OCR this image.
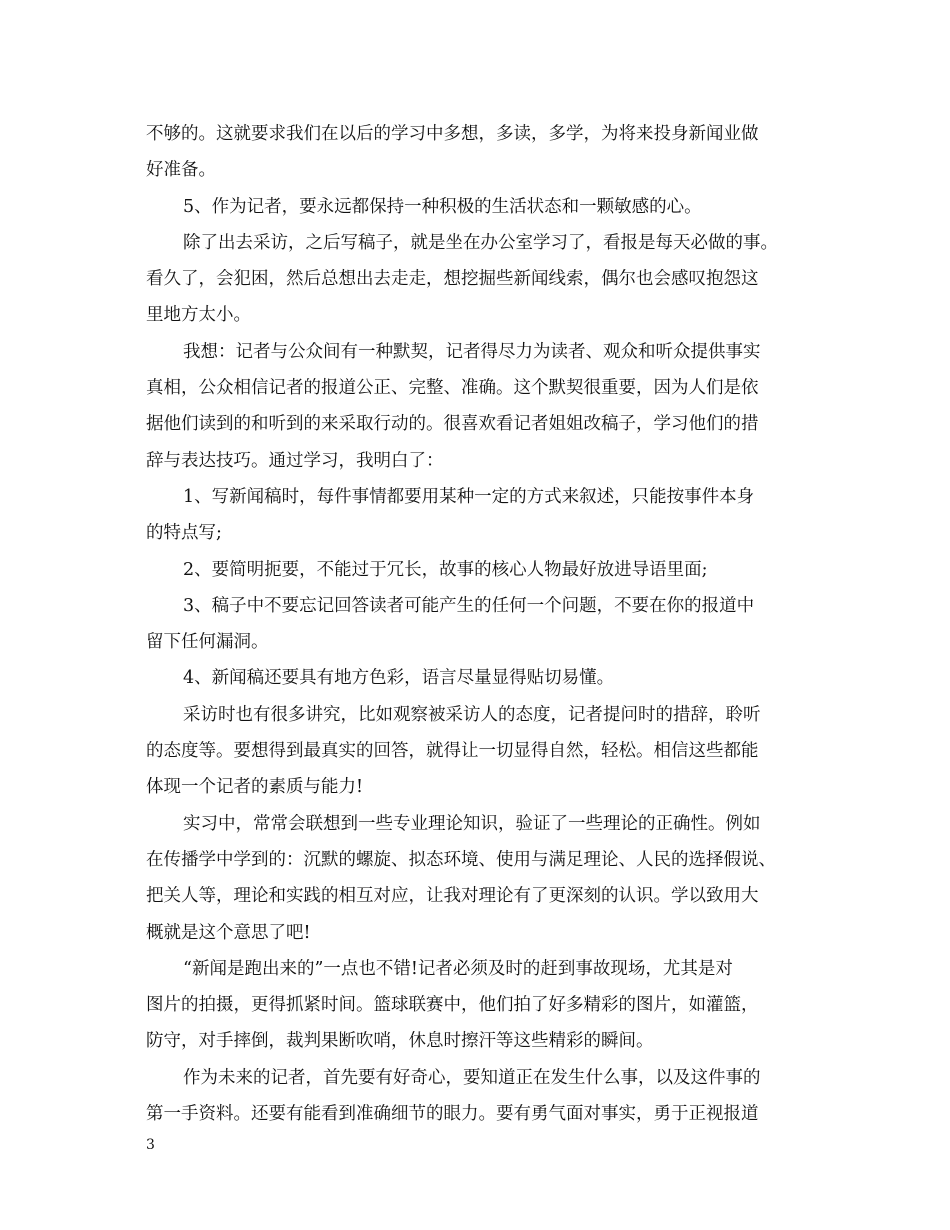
不够的。这就要求我们在以后的学习中多想，多读，多学，为将来投身新闻业做
好准备。
5、作为记者，要永远都保持一种积极的生活状态和一颗敏感的心。
除了出去采访，之后写稿子，就是坐在办公室学习了，看报是每天必做的事。
看久了，会犯困，然后总想出去走走，想挖掘些新闻线索，偶尔也会感叹抱怨这
里地方太小。
我想：记者与公众间有一种默契，记者得尽力为读者、观众和听众提供事实
真相，公众相信记者的报道公正、完整、准确。这个默契很重要，因为人们是依
据他们读到的和听到的来采取行动的。很喜欢看记者姐姐改稿子，学习他们的措
辞与表达技巧。通过学习，我明白了：
1、写新闻稿时，每件事情都要用某种一定的方式来叙述，只能按事件本身
的特点写;
2、要简明扼要，不能过于冗长，故事的核心人物最好放进导语里面;
3、稿子中不要忘记回答读者可能产生的任何一个问题，不要在你的报道中
留下任何漏洞。
4、新闻稿还要具有地方色彩，语言尽量显得贴切易懂。
采访时也有很多讲究，比如观察被采访人的态度，记者提问时的措辞，聆听
的态度等。要想得到最真实的回答，就得让一切显得自然，轻松。相信这些都能
体现一个记者的素质与能力!
实习中，常常会联想到一些专业理论知识，验证了一些理论的正确性。例如
在传播学中学到的：沉默的螺旋、拟态环境、使用与满足理论、人民的选择假说、
把关人等，理论和实践的相互对应，让我对理论有了更深刻的认识。学以致用大
概就是这个意思了吧!
“新闻是跑出来的”一点也不错!记者必须及时的赶到事故现场，尤其是对
图片的拍摄，更得抓紧时间。篮球联赛中，他们拍了好多精彩的图片，如灌篮，
防守，对手摔倒，裁判果断吹哨，休息时擦汗等这些精彩的瞬间。
作为未来的记者，首先要有好奇心，要知道正在发生什么事，以及这件事的
第一手资料。还要有能看到准确细节的眼力。要有勇气面对事实，勇于正视报道
3
